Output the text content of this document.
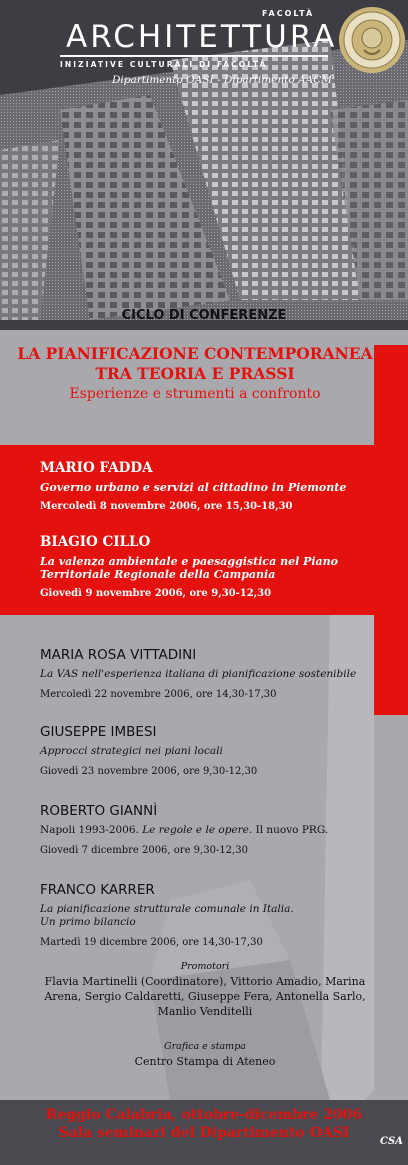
FACOLTÀ
ARCHITETTURA
INIZIATIVE CULTURALI DI FACOLTÀ
Dipartimento OASI - Dipartimento AACM
CICLO DI CONFERENZE
LA PIANIFICAZIONE CONTEMPORANEA
TRA TEORIA E PRASSI
Esperienze e strumenti a confronto
MARIO FADDA
Governo urbano e servizi al cittadino in Piemonte
Mercoledì 8 novembre 2006, ore 15,30-18,30
BIAGIO CILLO
La valenza ambientale e paesaggistica nel Piano
Territoriale Regionale della Campania
Giovedì 9 novembre 2006, ore 9,30-12,30
MARIA ROSA VITTADINI
La VAS nell'esperienza italiana di pianificazione sostenibile
Mercoledì 22 novembre 2006, ore 14,30-17,30
GIUSEPPE IMBESI
Approcci strategici nei piani locali
Giovedì 23 novembre 2006, ore 9,30-12,30
ROBERTO GIANNÌ
Napoli 1993-2006. Le regole e le opere. Il nuovo PRG.
Giovedì 7 dicembre 2006, ore 9,30-12,30
FRANCO KARRER
La pianificazione strutturale comunale in Italia.
Un primo bilancio
Martedì 19 dicembre 2006, ore 14,30-17,30
Promotori
Flavia Martinelli (Coordinatore), Vittorio Amadio, Marina
Arena, Sergio Caldaretti, Giuseppe Fera, Antonella Sarlo,
Manlio Venditelli
Grafica e stampa
Centro Stampa di Ateneo
Reggio Calabria, ottobre-dicembre 2006
Sala seminari del Dipartimento OASI
CSA
